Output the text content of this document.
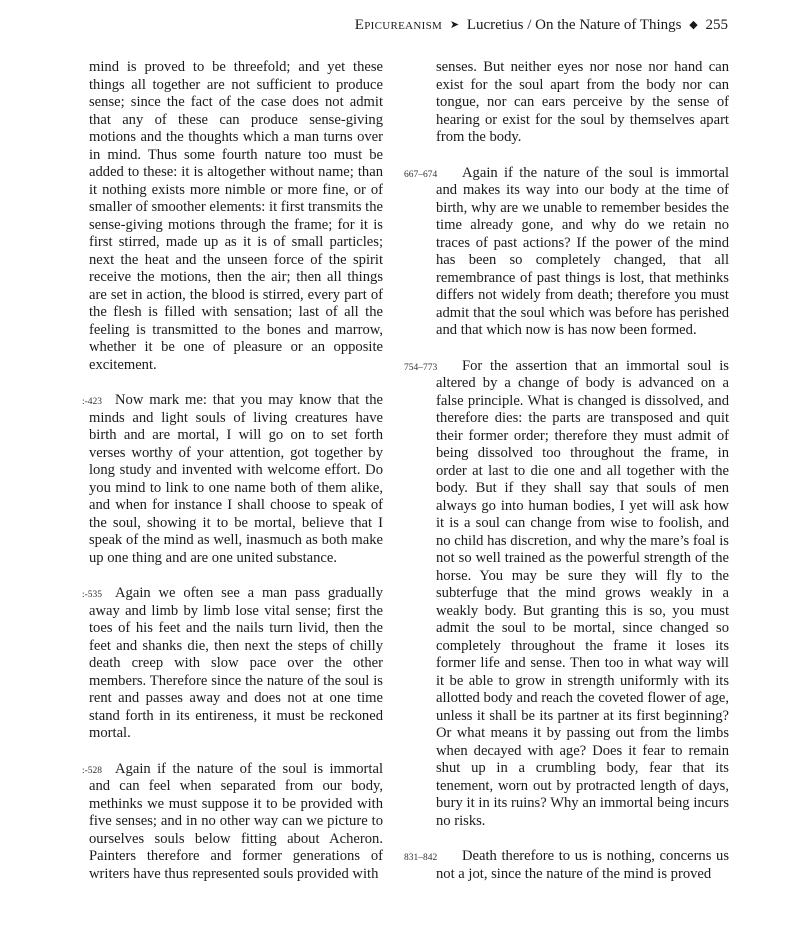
Epicureanism ➤ Lucretius / On the Nature of Things ◆ 255

mind is proved to be threefold; and yet these things all together are not sufficient to produce sense; since the fact of the case does not admit that any of these can produce sense-giving motions and the thoughts which a man turns over in mind. Thus some fourth nature too must be added to these: it is altogether without name; than it nothing exists more nimble or more fine, or of smaller of smoother elements: it first transmits the sense-giving motions through the frame; for it is first stirred, made up as it is of small particles; next the heat and the unseen force of the spirit receive the motions, then the air; then all things are set in action, the blood is stirred, every part of the flesh is filled with sensation; last of all the feeling is transmitted to the bones and marrow, whether it be one of pleasure or an opposite excitement.

:-423 Now mark me: that you may know that the minds and light souls of living creatures have birth and are mortal, I will go on to set forth verses worthy of your attention, got together by long study and invented with welcome effort. Do you mind to link to one name both of them alike, and when for instance I shall choose to speak of the soul, showing it to be mortal, believe that I speak of the mind as well, inasmuch as both make up one thing and are one united substance.

:-535 Again we often see a man pass gradually away and limb by limb lose vital sense; first the toes of his feet and the nails turn livid, then the feet and shanks die, then next the steps of chilly death creep with slow pace over the other members. Therefore since the nature of the soul is rent and passes away and does not at one time stand forth in its entireness, it must be reckoned mortal.

:-528 Again if the nature of the soul is immortal and can feel when separated from our body, methinks we must suppose it to be provided with five senses; and in no other way can we picture to ourselves souls below fitting about Acheron. Painters therefore and former generations of writers have thus represented souls provided with

senses. But neither eyes nor nose nor hand can exist for the soul apart from the body nor can tongue, nor can ears perceive by the sense of hearing or exist for the soul by themselves apart from the body.

667–674 Again if the nature of the soul is immortal and makes its way into our body at the time of birth, why are we unable to remember besides the time already gone, and why do we retain no traces of past actions? If the power of the mind has been so completely changed, that all remembrance of past things is lost, that methinks differs not widely from death; therefore you must admit that the soul which was before has perished and that which now is has now been formed.

754–773 For the assertion that an immortal soul is altered by a change of body is advanced on a false principle. What is changed is dissolved, and therefore dies: the parts are transposed and quit their former order; therefore they must admit of being dissolved too throughout the frame, in order at last to die one and all together with the body. But if they shall say that souls of men always go into human bodies, I yet will ask how it is a soul can change from wise to foolish, and no child has discretion, and why the mare’s foal is not so well trained as the powerful strength of the horse. You may be sure they will fly to the subterfuge that the mind grows weakly in a weakly body. But granting this is so, you must admit the soul to be mortal, since changed so completely throughout the frame it loses its former life and sense. Then too in what way will it be able to grow in strength uniformly with its allotted body and reach the coveted flower of age, unless it shall be its partner at its first beginning? Or what means it by passing out from the limbs when decayed with age? Does it fear to remain shut up in a crumbling body, fear that its tenement, worn out by protracted length of days, bury it in its ruins? Why an immortal being incurs no risks.

831–842 Death therefore to us is nothing, concerns us not a jot, since the nature of the mind is proved
